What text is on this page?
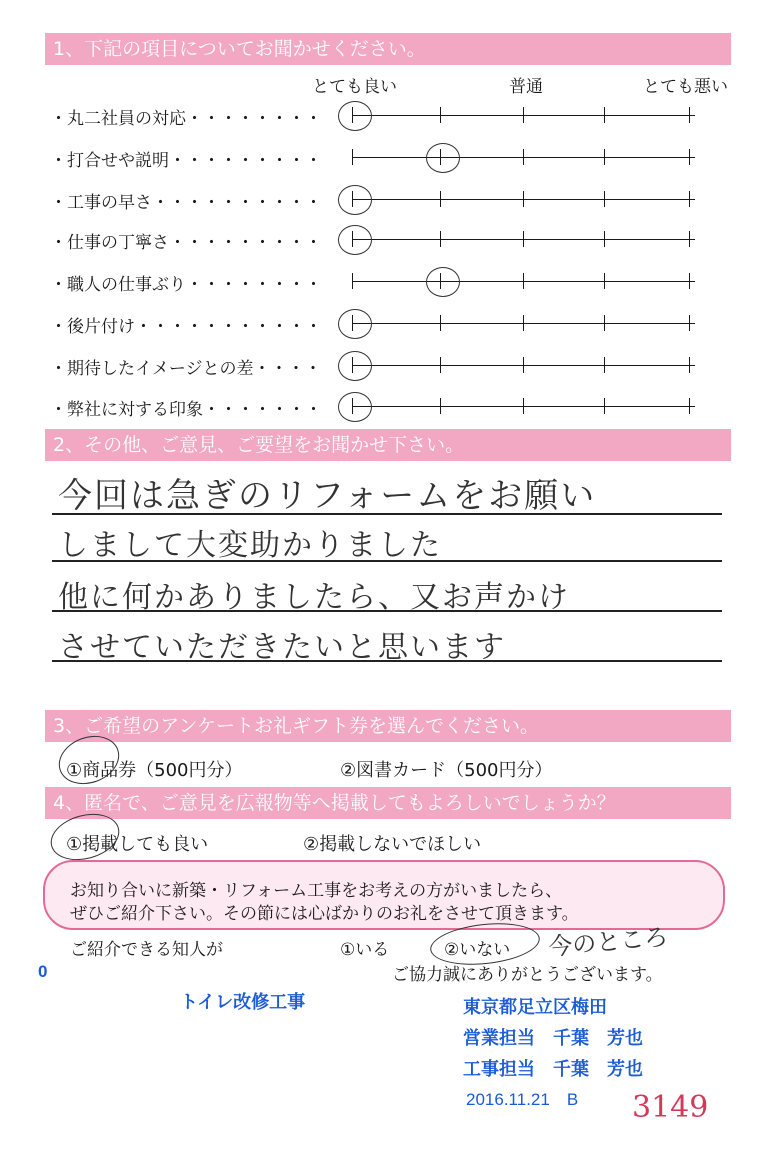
1、下記の項目についてお聞かせください。
とても良い	普通	とても悪い
・丸二社員の対応・・・・・・・・
・打合せや説明・・・・・・・・・
・工事の早さ・・・・・・・・・・
・仕事の丁寧さ・・・・・・・・・
・職人の仕事ぶり・・・・・・・・
・後片付け・・・・・・・・・・・
・期待したイメージとの差・・・・
・弊社に対する印象・・・・・・・
2、その他、ご意見、ご要望をお聞かせ下さい。
今回は急ぎのリフォームをお願い
しまして大変助かりました
他に何かありましたら、又お声かけ
させていただきたいと思います
3、ご希望のアンケートお礼ギフト券を選んでください。
①商品券（500円分）	②図書カード（500円分）
4、匿名で、ご意見を広報物等へ掲載してもよろしいでしょうか？
①掲載しても良い	②掲載しないでほしい
お知り合いに新築・リフォーム工事をお考えの方がいましたら、
ぜひご紹介下さい。その節には心ばかりのお礼をさせて頂きます。
ご紹介できる知人が	①いる	②いない 今のところ
ご協力誠にありがとうございます。
0
トイレ改修工事	東京都足立区梅田
営業担当　千葉　芳也
工事担当　千葉　芳也
2016.11.21　B 3149
